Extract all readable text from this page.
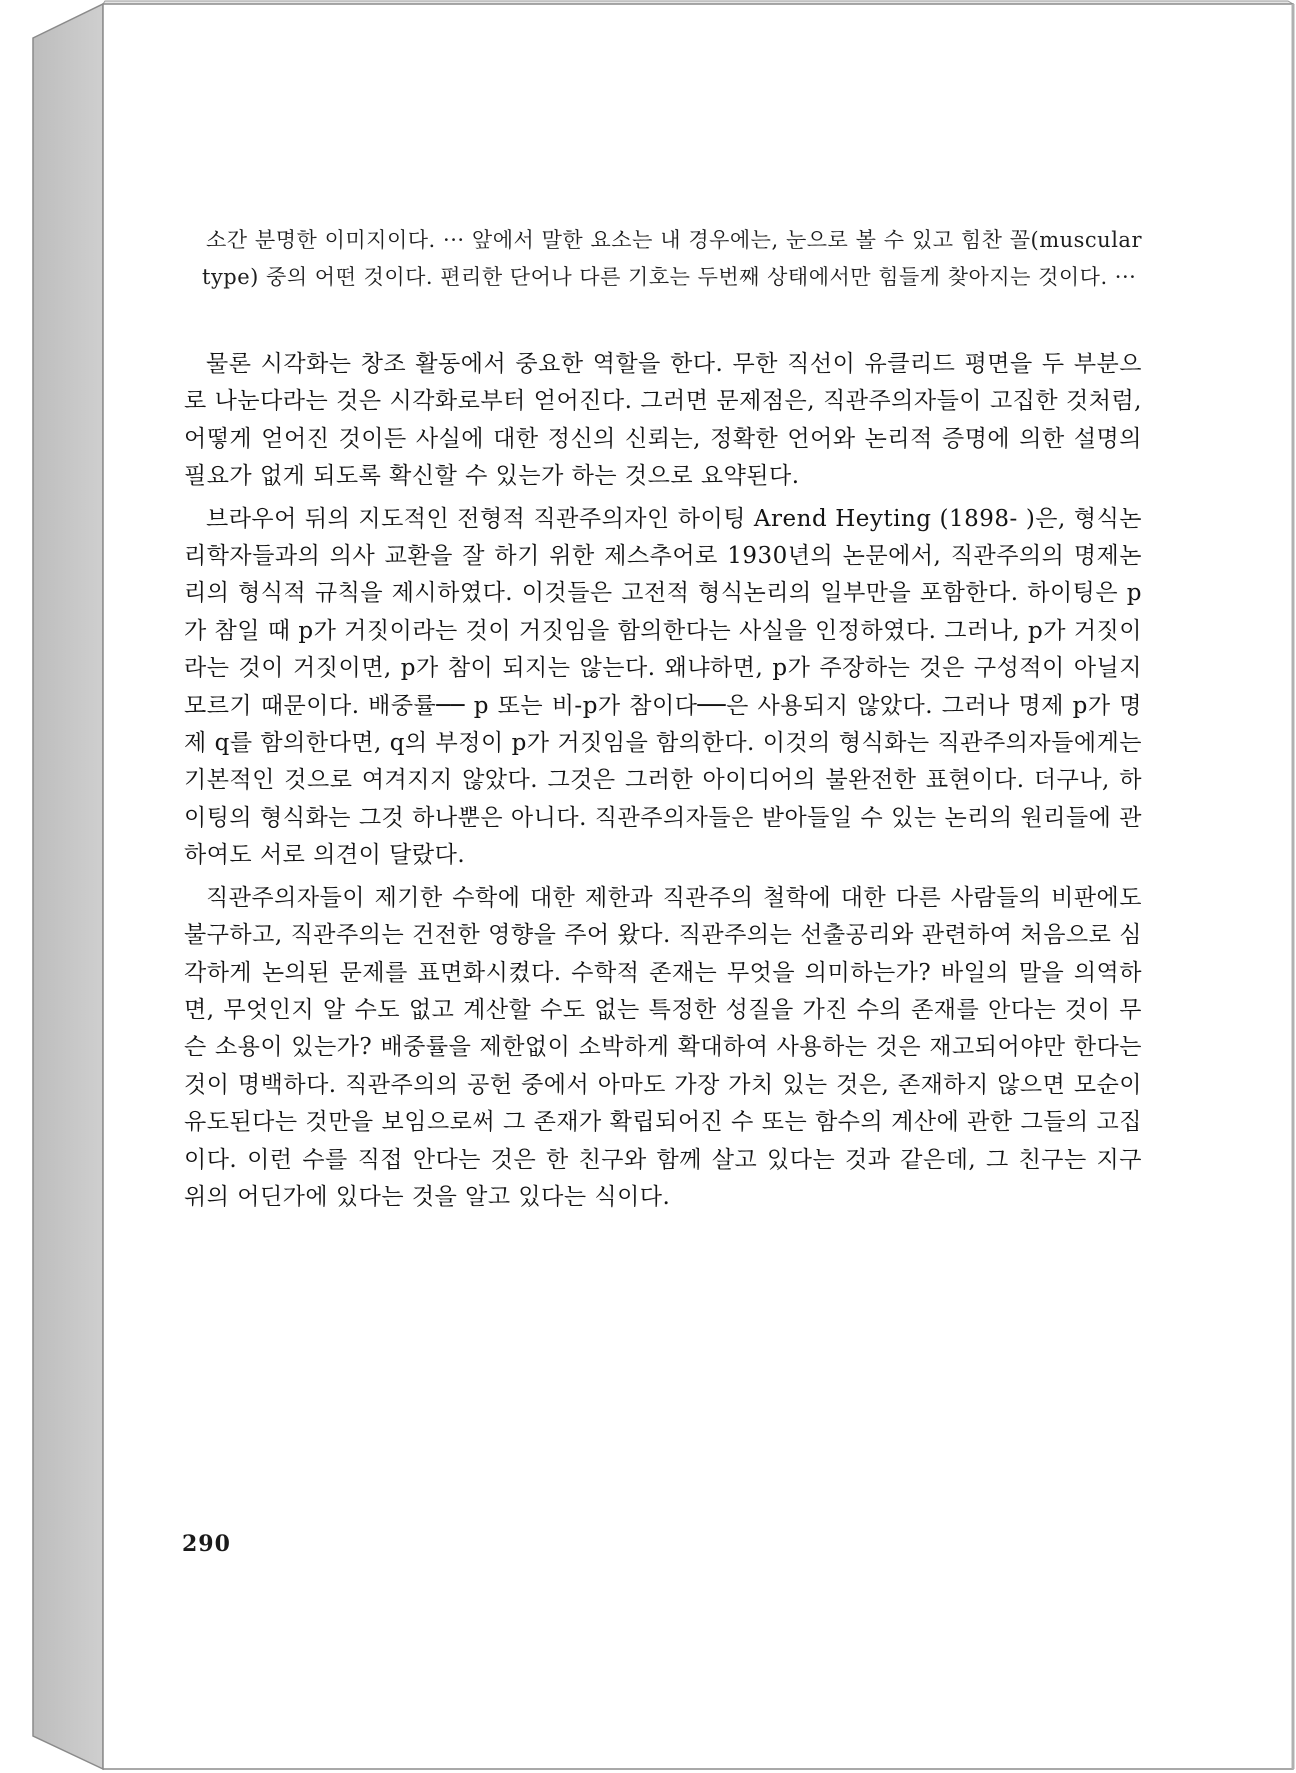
소간 분명한 이미지이다. ··· 앞에서 말한 요소는 내 경우에는, 눈으로 볼 수 있고 힘찬 꼴(muscular type) 중의 어떤 것이다. 편리한 단어나 다른 기호는 두번째 상태에서만 힘들게 찾아지는 것이다. ···

물론 시각화는 창조 활동에서 중요한 역할을 한다. 무한 직선이 유클리드 평면을 두 부분으로 나눈다라는 것은 시각화로부터 얻어진다. 그러면 문제점은, 직관주의자들이 고집한 것처럼, 어떻게 얻어진 것이든 사실에 대한 정신의 신뢰는, 정확한 언어와 논리적 증명에 의한 설명의 필요가 없게 되도록 확신할 수 있는가 하는 것으로 요약된다.

브라우어 뒤의 지도적인 전형적 직관주의자인 하이팅 Arend Heyting (1898- )은, 형식논리학자들과의 의사 교환을 잘 하기 위한 제스추어로 1930년의 논문에서, 직관주의의 명제논리의 형식적 규칙을 제시하였다. 이것들은 고전적 형식논리의 일부만을 포함한다. 하이팅은 p가 참일 때 p가 거짓이라는 것이 거짓임을 함의한다는 사실을 인정하였다. 그러나, p가 거짓이라는 것이 거짓이면, p가 참이 되지는 않는다. 왜냐하면, p가 주장하는 것은 구성적이 아닐지 모르기 때문이다. 배중률── p 또는 비-p가 참이다──은 사용되지 않았다. 그러나 명제 p가 명제 q를 함의한다면, q의 부정이 p가 거짓임을 함의한다. 이것의 형식화는 직관주의자들에게는 기본적인 것으로 여겨지지 않았다. 그것은 그러한 아이디어의 불완전한 표현이다. 더구나, 하이팅의 형식화는 그것 하나뿐은 아니다. 직관주의자들은 받아들일 수 있는 논리의 원리들에 관하여도 서로 의견이 달랐다.

직관주의자들이 제기한 수학에 대한 제한과 직관주의 철학에 대한 다른 사람들의 비판에도 불구하고, 직관주의는 건전한 영향을 주어 왔다. 직관주의는 선출공리와 관련하여 처음으로 심각하게 논의된 문제를 표면화시켰다. 수학적 존재는 무엇을 의미하는가? 바일의 말을 의역하면, 무엇인지 알 수도 없고 계산할 수도 없는 특정한 성질을 가진 수의 존재를 안다는 것이 무슨 소용이 있는가? 배중률을 제한없이 소박하게 확대하여 사용하는 것은 재고되어야만 한다는 것이 명백하다. 직관주의의 공헌 중에서 아마도 가장 가치 있는 것은, 존재하지 않으면 모순이 유도된다는 것만을 보임으로써 그 존재가 확립되어진 수 또는 함수의 계산에 관한 그들의 고집이다. 이런 수를 직접 안다는 것은 한 친구와 함께 살고 있다는 것과 같은데, 그 친구는 지구 위의 어딘가에 있다는 것을 알고 있다는 식이다.

290
